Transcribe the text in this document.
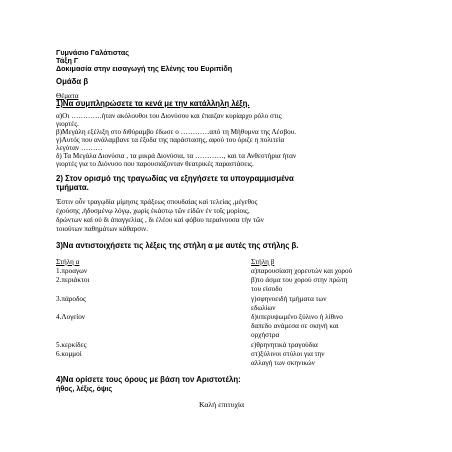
Γυμνάσιο Γαλάτιστας
Τάξη Γ
Δοκιμασία στην εισαγωγή της Ελένης του Ευριπίδη
Ομάδα β
Θέματα
1)Να συμπληρώσετε τα κενά με την κατάλληλη λέξη.
α)Οι ………….ήταν ακόλουθοι του Διονύσου και έπαιζαν κυρίαρχο ρόλο στις
γιορτές.
β)Μεγάλη εξέλιξη στο διθύραμβο έδωσε ο …………από τη Μήθυμνα της Λέσβου.
γ)Αυτός που ανάλαμβανε τα έξοδα της παράστασης, αφού του όριζε η πολιτεία
λεγόταν ………
δ) Τα Μεγάλα Διονύσια , τα μικρά Διονύσια, τα …………, και τα Ανθεστήρια ήταν
γιορτές για το Διόνυσο που παρουσιάζονταν θεατρικές παραστάσεις.
2) Στον ορισμό της τραγωδίας να εξηγήσετε τα υπογραμμισμένα
τμήματα.
Ἐστιν οὖν τραγῳδία μίμησις πράξεως σπουδαίας καὶ τελείας ,μέγεθος
ἐχούσης ,ἡδυσμένῳ λόγῳ, χωρὶς ἑκάστῳ τῶν εἰδῶν ἐν τοῖς μορίοις,
δρώντων καὶ οὐ δι ἀπαγγελίας , δι ἐλέου καὶ φόβου περαίνουσα τὴν τῶν
τοιούτων παθημάτων κάθαρσιν.
3)Να αντιστοιχήσετε τις λέξεις της στήλη α με αυτές της στήλης β.
Στήλη α	Στήλη β
1.προαγων
2.περιάκτοι
3.πάροδος
4.Λογείον
5.κερκίδες
6.κομμοί
α)παρουσίαση χορευτών και χορού
β)το άσμα του χορού στην πρώτη
του είσοδο
γ)σφηνοειδή τμήματα των
εδωλίων
δ)υπερυψωμένο ξύλινο ή λίθινο
δαπεδο ανάμεσα σε σκηνή και
ορχήστρα
ε)θρηνητικά τραγούδια
στ)ξύλινοι στύλοι για την
αλλαγή των σκηνικών
4)Να ορίσετε τους όρους με βάση τον Αριστοτέλη:
ήθος, λέξις, όψις
Καλή επιτυχία
